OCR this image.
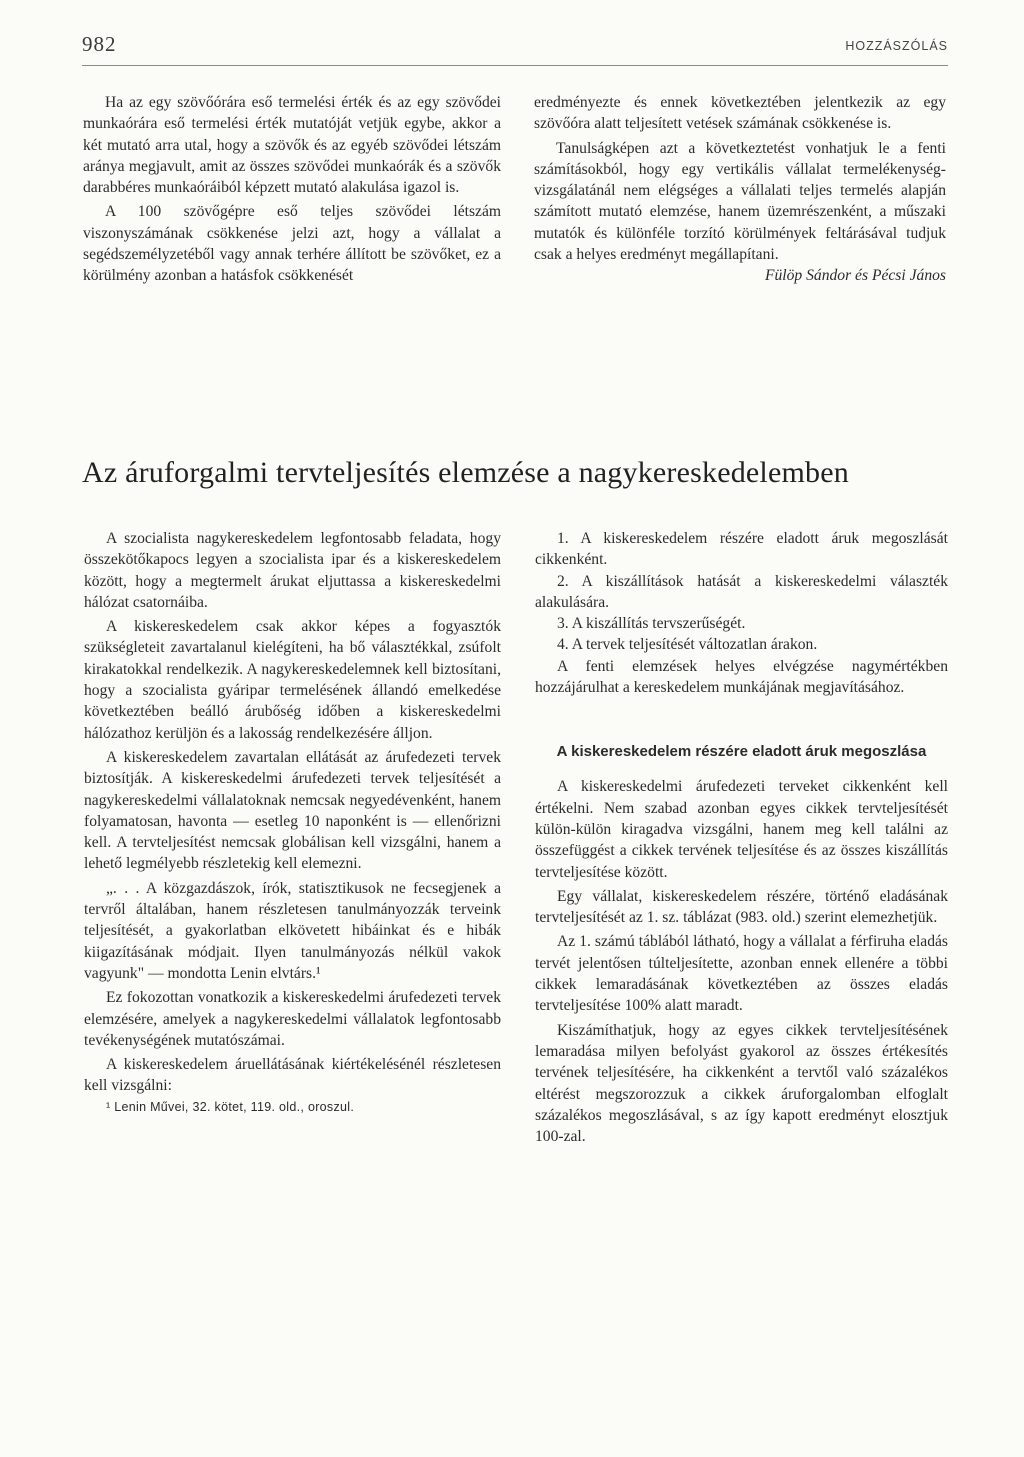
982	HOZZÁSZÓLÁS

Ha az egy szövőórára eső termelési érték és az egy szövődei munkaórára eső termelési érték mutatóját vetjük egybe, akkor a két mutató arra utal, hogy a szövők és az egyéb szövődei létszám aránya megjavult, amit az összes szövődei munkaórák és a szövők darabbéres munkaóráiból képzett mutató alakulása igazol is.

A 100 szövőgépre eső teljes szövődei létszám viszonyszámának csökkenése jelzi azt, hogy a vállalat a segédszemélyzetéből vagy annak terhére állított be szövőket, ez a körülmény azonban a hatásfok csökkenését

eredményezte és ennek következtében jelentkezik az egy szövőóra alatt teljesített vetések számának csökkenése is.

Tanulságképen azt a következtetést vonhatjuk le a fenti számításokból, hogy egy vertikális vállalat termelékenység-vizsgálatánál nem elégséges a vállalati teljes termelés alapján számított mutató elemzése, hanem üzemrészenként, a műszaki mutatók és különféle torzító körülmények feltárásával tudjuk csak a helyes eredményt megállapítani.

Fülöp Sándor és Pécsi János

Az áruforgalmi tervteljesítés elemzése a nagykereskedelemben

A szocialista nagykereskedelem legfontosabb feladata, hogy összekötőkapocs legyen a szocialista ipar és a kiskereskedelem között, hogy a megtermelt árukat eljuttassa a kiskereskedelmi hálózat csatornáiba.

A kiskereskedelem csak akkor képes a fogyasztók szükségleteit zavartalanul kielégíteni, ha bő választékkal, zsúfolt kirakatokkal rendelkezik. A nagykereskedelemnek kell biztosítani, hogy a szocialista gyáripar termelésének állandó emelkedése következtében beálló árubőség időben a kiskereskedelmi hálózathoz kerüljön és a lakosság rendelkezésére álljon.

A kiskereskedelem zavartalan ellátását az árufedezeti tervek biztosítják. A kiskereskedelmi árufedezeti tervek teljesítését a nagykereskedelmi vállalatoknak nemcsak negyedévenként, hanem folyamatosan, havonta — esetleg 10 naponként is — ellenőrizni kell. A tervteljesítést nemcsak globálisan kell vizsgálni, hanem a lehető legmélyebb részletekig kell elemezni.

„. . . A közgazdászok, írók, statisztikusok ne fecsegjenek a tervről általában, hanem részletesen tanulmányozzák terveink teljesítését, a gyakorlatban elkövetett hibáinkat és e hibák kiigazításának módjait. Ilyen tanulmányozás nélkül vakok vagyunk" — mondotta Lenin elvtárs.¹

Ez fokozottan vonatkozik a kiskereskedelmi árufedezeti tervek elemzésére, amelyek a nagykereskedelmi vállalatok legfontosabb tevékenységének mutatószámai.

A kiskereskedelem áruellátásának kiértékelésénél részletesen kell vizsgálni:

¹ Lenin Művei, 32. kötet, 119. old., oroszul.

1. A kiskereskedelem részére eladott áruk megoszlását cikkenként.

2. A kiszállítások hatását a kiskereskedelmi választék alakulására.

3. A kiszállítás tervszerűségét.

4. A tervek teljesítését változatlan árakon.

A fenti elemzések helyes elvégzése nagymértékben hozzájárulhat a kereskedelem munkájának megjavításához.

A kiskereskedelem részére eladott áruk megoszlása

A kiskereskedelmi árufedezeti terveket cikkenként kell értékelni. Nem szabad azonban egyes cikkek tervteljesítését külön-külön kiragadva vizsgálni, hanem meg kell találni az összefüggést a cikkek tervének teljesítése és az összes kiszállítás tervteljesítése között.

Egy vállalat, kiskereskedelem részére, történő eladásának tervteljesítését az 1. sz. táblázat (983. old.) szerint elemezhetjük.

Az 1. számú táblából látható, hogy a vállalat a férfiruha eladás tervét jelentősen túlteljesítette, azonban ennek ellenére a többi cikkek lemaradásának következtében az összes eladás tervteljesítése 100% alatt maradt.

Kiszámíthatjuk, hogy az egyes cikkek tervteljesítésének lemaradása milyen befolyást gyakorol az összes értékesítés tervének teljesítésére, ha cikkenként a tervtől való százalékos eltérést megszorozzuk a cikkek áruforgalomban elfoglalt százalékos megoszlásával, s az így kapott eredményt elosztjuk 100-zal.
